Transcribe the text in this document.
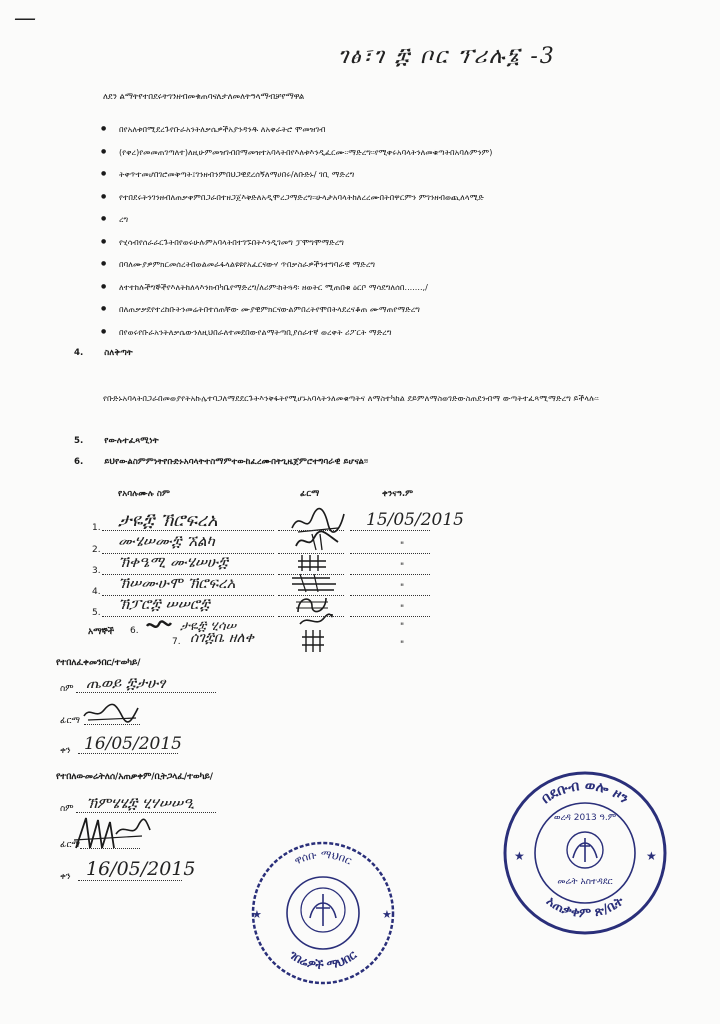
—
ገፅ፣ገ ፰ ቦር ፕሪሉ፮ -3
ለደን ልማትየተበደሩትገንዘብመቁጠባናለታለመለትዓላማብቻየማዋል
● በየአለቱበሚደረጉየቡራአንትለቃሴዎችአያንዳንዱ ለአቀራትሮ ሞመዝገብ
● (የቀረ)የመመጠገጣለተ)ለዚሁምመዝገብበማመዝተአባላትበየእለቱእንዲፈርሙ።ማድረግ፡፡የሚቀሩአባላትንለመቁጣትበአባሉምንም)
● ትቀጥተመሆበገሮመቅጣት፤ገንዘብንምበህጋዊደረሰኝለማሀበሩ/ለቡድኑ/ ገቢ ማድረግ
● የተበደሩትንገንዘብለጠቃቀምበጋራበተዘጋጀእቅድለአዲሞረጋማድረግ፡፡ሁላታአባላትከለረረሙበትበዋርምን ምገንዘብወጪለላሚድ
● ረግ
● የሂሳብየሰራራርጉትበየወሩሁሉምአባላትበተገኙበትእንዲገመግ ፓሞግሞማድረግ
● በባለሙያዎምክርመሰረትበወልመራፋላልዩዩየአፈርናውሃ ጥበቃስራዎችንተግባራዊ ማድረግ
● ለተተከሉችግኞችየእለትከለላእንክብካቤየማድረግ/ለሪም፡ከትጓዳ፡ ዘወትር ሚጠበቁ ዕርቦ ማሳደግለሰበ.......,/
● በለጠቃቃደየተረከቡትንመሬትበተሰጠቸው ሙያዊምክርናውልምበረትየሞበትላደረናቆጠ ሙማጠየማድረግ
● በየወሩየቡራአንትለቃሴውንለዚህበራለተመደበውየልማትጣቢያሰራተኛ ወረቀት ሪፖርት ማድረግ
4. ስለቅጣት
የቡድኑአባላትበጋራበመወያየትአኩሌተባጋለማደደርጉትእንቅፋትየሚሆኑአባላትንለመቁጣትና ለማስተካከል ደይምለማስወገድውስጠደንብማ ውጣትተፈጻሚማድረግ ይችላሉ፡፡
5. የውሉተፈጻሚነት
6. ይህየውልስምምነትየቡድኑአባላትተስማምተውከፈረሙበትጊዜጀምሮተግባራዊ ይሆናል፡፡
የአባሉሙሉ ስም	ፊርማ	ቀንናዓ.ም
1. ታዬ፰ ኽሮፍረአ	15/05/2015
2. ሙሄሠሙ፰ ኧልካ	"
3. ኽቀዔሚ ሙሄሠሁ፰	"
4. ኽሠሙሁሞ ኽሮፍረአ	"
5. ኽፓሮ፰ ሠሠሮ፰	"
አማኞች 6.	ታዬ፰ ሂሳሠ	"
7. ሰገ፰ቤ ዘለቀ	"
የተበለፈቀመንበር/ተወካይ/
ስም ጤወይ ፰ታሁፃ
ፊርማ
ቀን 16/05/2015
የተበለውመሬትለሰ/አጠቃቀም/ቢትጋላፈ/ተወካይ/
ስም ኽምሄሄ፰ ሂሃሠሠዒ
ፊርማ
ቀን 16/05/2015
በደቡብ ወሎ ዞን
አጠቃቀም ጽ/ቤት
ወረዳ 2013 ዓ.ም
መሬት አስተዳደር
★	★
ዋሰቡ ማህበር
ገበሬዎች ማህበር
★	★
